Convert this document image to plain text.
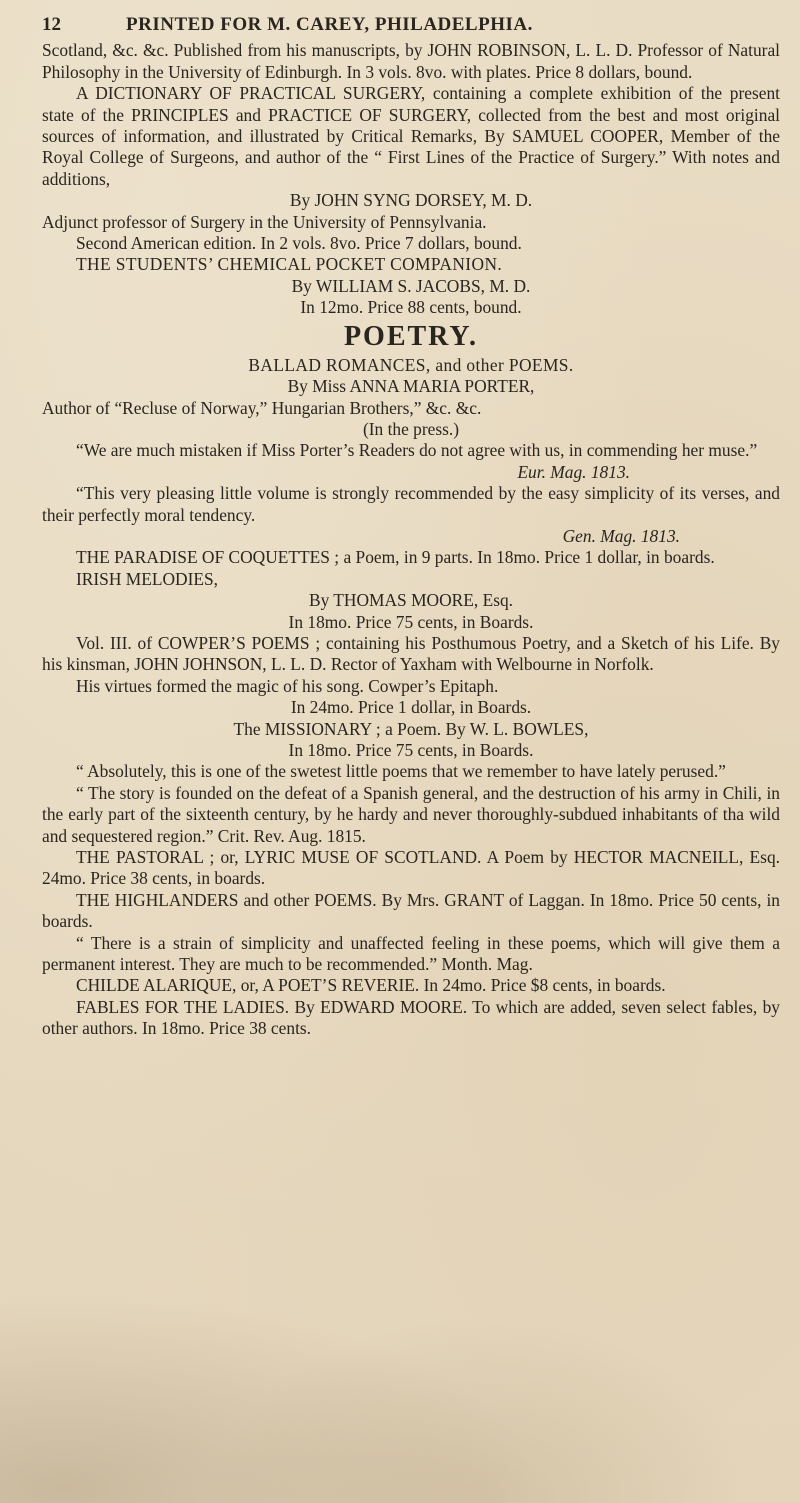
12	PRINTED FOR M. CAREY, PHILADELPHIA.

Scotland, &c. &c. Published from his manuscripts, by JOHN ROBINSON, L. L. D. Professor of Natural Philosophy in the University of Edinburgh. In 3 vols. 8vo. with plates. Price 8 dollars, bound.

A DICTIONARY OF PRACTICAL SURGERY, containing a complete exhibition of the present state of the PRINCIPLES and PRACTICE OF SURGERY, collected from the best and most original sources of information, and illustrated by Critical Remarks, By SAMUEL COOPER, Member of the Royal College of Surgeons, and author of the “ First Lines of the Practice of Surgery.” With notes and additions,

By JOHN SYNG DORSEY, M. D.

Adjunct professor of Surgery in the University of Pennsylvania.

Second American edition. In 2 vols. 8vo. Price 7 dollars, bound.

THE STUDENTS’ CHEMICAL POCKET COMPANION.

By WILLIAM S. JACOBS, M. D.

In 12mo. Price 88 cents, bound.

POETRY.

BALLAD ROMANCES, and other POEMS.

By Miss ANNA MARIA PORTER,

Author of “Recluse of Norway,” Hungarian Brothers,” &c. &c.

(In the press.)

“We are much mistaken if Miss Porter’s Readers do not agree with us, in commending her muse.”

Eur. Mag. 1813.

“This very pleasing little volume is strongly recommended by the easy simplicity of its verses, and their perfectly moral tendency.

Gen. Mag. 1813.

THE PARADISE OF COQUETTES ; a Poem, in 9 parts. In 18mo. Price 1 dollar, in boards.

IRISH MELODIES,

By THOMAS MOORE, Esq.

In 18mo. Price 75 cents, in Boards.

Vol. III. of COWPER’S POEMS ; containing his Posthumous Poetry, and a Sketch of his Life. By his kinsman, JOHN JOHNSON, L. L. D. Rector of Yaxham with Welbourne in Norfolk.

His virtues formed the magic of his song. Cowper’s Epitaph.

In 24mo. Price 1 dollar, in Boards.

The MISSIONARY ; a Poem. By W. L. BOWLES,

In 18mo. Price 75 cents, in Boards.

“ Absolutely, this is one of the swetest little poems that we remember to have lately perused.”

“ The story is founded on the defeat of a Spanish general, and the destruction of his army in Chili, in the early part of the sixteenth century, by he hardy and never thoroughly-subdued inhabitants of tha wild and sequestered region.” Crit. Rev. Aug. 1815.

THE PASTORAL ; or, LYRIC MUSE OF SCOTLAND. A Poem by HECTOR MACNEILL, Esq. 24mo. Price 38 cents, in boards.

THE HIGHLANDERS and other POEMS. By Mrs. GRANT of Laggan. In 18mo. Price 50 cents, in boards.

“ There is a strain of simplicity and unaffected feeling in these poems, which will give them a permanent interest. They are much to be recommended.” Month. Mag.

CHILDE ALARIQUE, or, A POET’S REVERIE. In 24mo. Price $8 cents, in boards.

FABLES FOR THE LADIES. By EDWARD MOORE. To which are added, seven select fables, by other authors. In 18mo. Price 38 cents.
